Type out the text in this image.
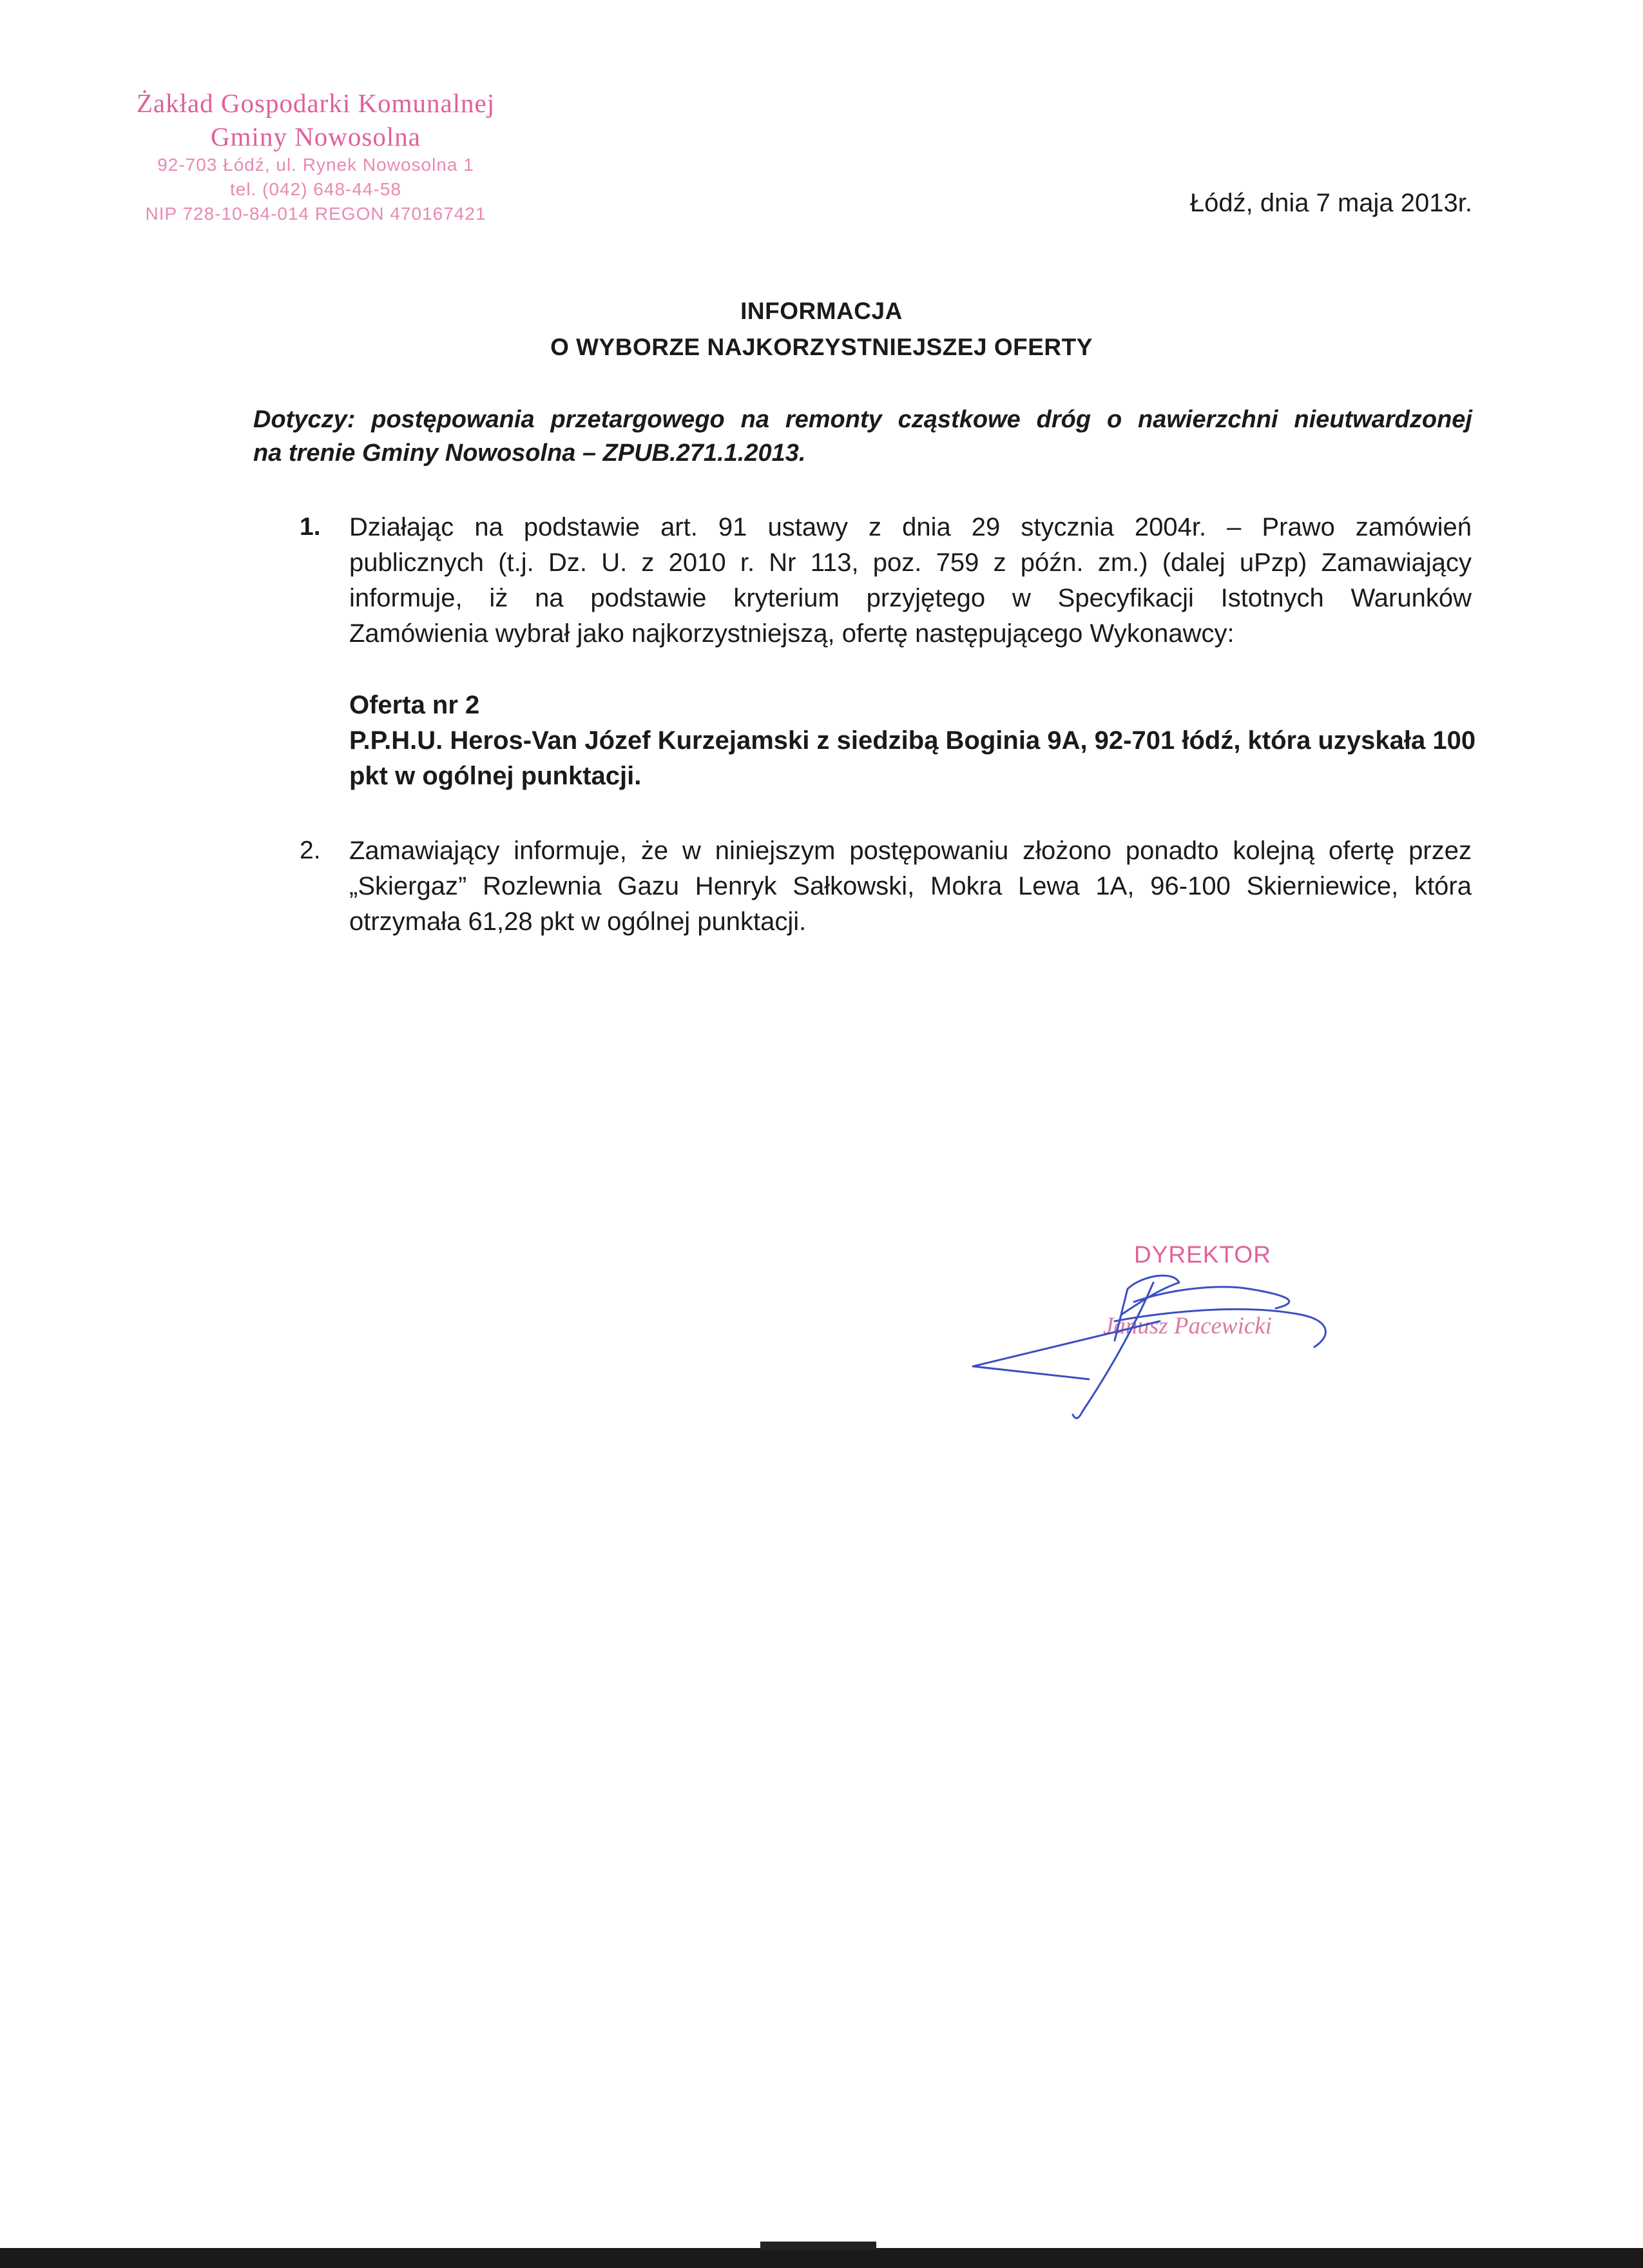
Żakład Gospodarki Komunalnej
Gminy Nowosolna
92-703 Łódź, ul. Rynek Nowosolna 1
tel. (042) 648-44-58
NIP 728-10-84-014 REGON 470167421	Łódź, dnia 7 maja 2013r.
INFORMACJA
O WYBORZE NAJKORZYSTNIEJSZEJ OFERTY
Dotyczy: postępowania przetargowego na remonty cząstkowe dróg o nawierzchni nieutwardzonej
na trenie Gminy Nowosolna – ZPUB.271.1.2013.
1. Działając na podstawie art. 91 ustawy z dnia 29 stycznia 2004r. – Prawo zamówień
publicznych (t.j. Dz. U. z 2010 r. Nr 113, poz. 759 z późn. zm.) (dalej uPzp) Zamawiający
informuje, iż na podstawie kryterium przyjętego w Specyfikacji Istotnych Warunków
Zamówienia wybrał jako najkorzystniejszą, ofertę następującego Wykonawcy:
Oferta nr 2
P.P.H.U. Heros-Van Józef Kurzejamski z siedzibą Boginia 9A, 92-701 łódź, która uzyskała 100
pkt w ogólnej punktacji.
2. Zamawiający informuje, że w niniejszym postępowaniu złożono ponadto kolejną ofertę przez
„Skiergaz” Rozlewnia Gazu Henryk Sałkowski, Mokra Lewa 1A, 96-100 Skierniewice, która
otrzymała 61,28 pkt w ogólnej punktacji.
DYREKTOR
Janusz Pacewicki
